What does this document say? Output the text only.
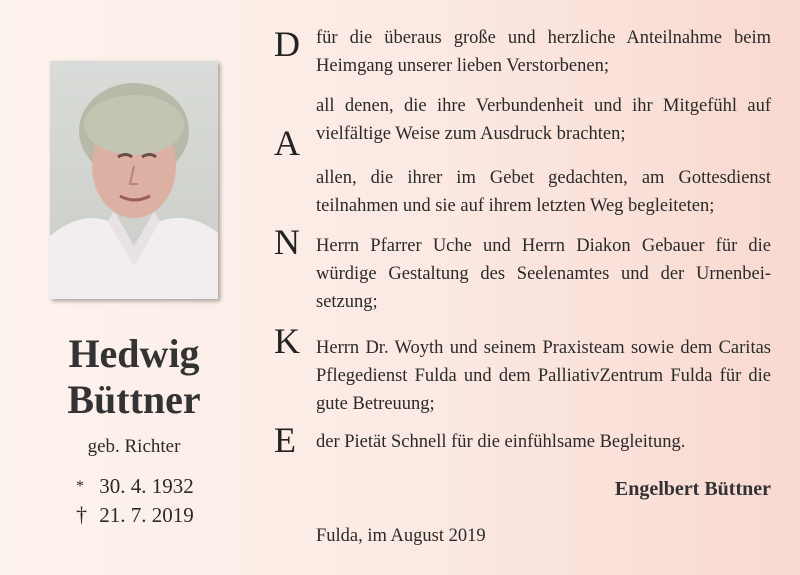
Hedwig
Büttner
geb. Richter
* 30. 4. 1932
† 21. 7. 2019
D
A
N
K
E
für die überaus große und herzliche Anteilnahme beim Heimgang unserer lieben Verstorbenen;
all denen, die ihre Verbundenheit und ihr Mitgefühl auf vielfältige Weise zum Ausdruck brachten;
allen, die ihrer im Gebet gedachten, am Gottesdienst teilnahmen und sie auf ihrem letzten Weg begleiteten;
Herrn Pfarrer Uche und Herrn Diakon Gebauer für die würdige Gestaltung des Seelenamtes und der Urnenbei-setzung;
Herrn Dr. Woyth und seinem Praxisteam sowie dem Caritas Pflegedienst Fulda und dem PalliativZentrum Fulda für die gute Betreuung;
der Pietät Schnell für die einfühlsame Begleitung.
Engelbert Büttner
Fulda, im August 2019
